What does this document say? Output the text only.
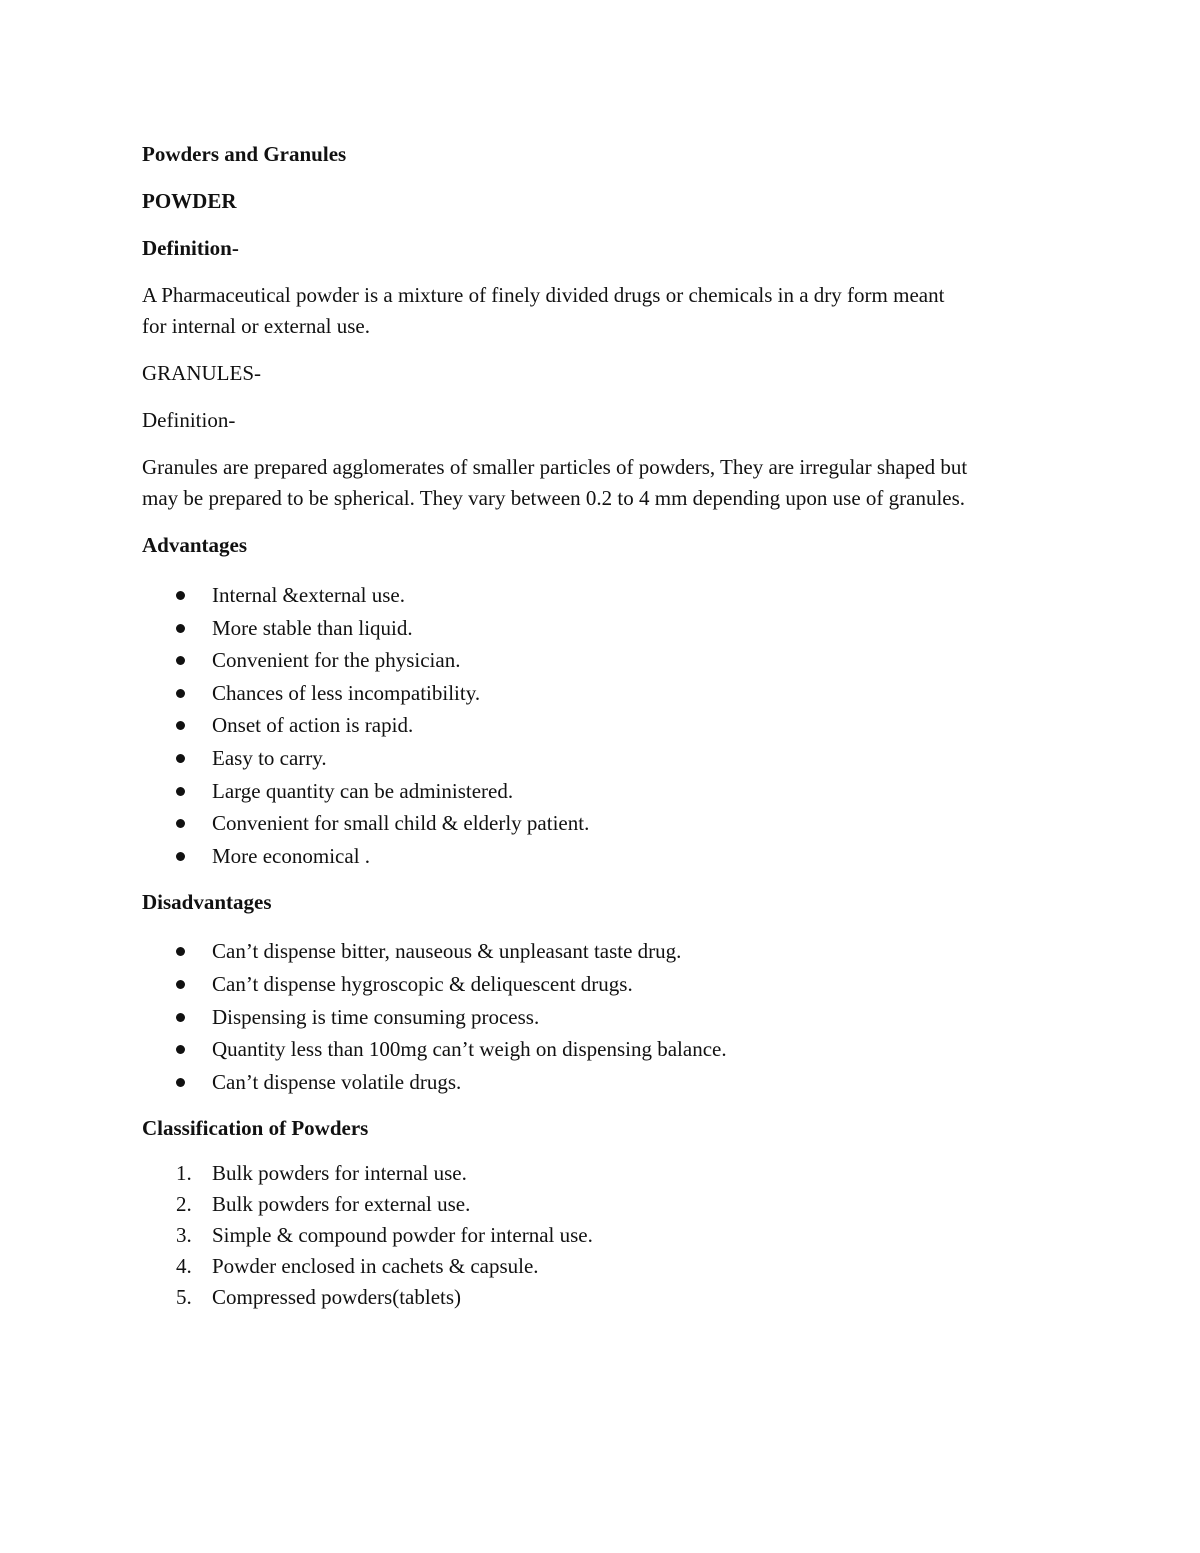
Powders and Granules

POWDER

Definition-

A Pharmaceutical powder is a mixture of finely divided drugs or chemicals in a dry form meant

for internal or external use.

GRANULES-

Definition-

Granules are prepared agglomerates of smaller particles of powders, They are irregular shaped but

may be prepared to be spherical. They vary between 0.2 to 4 mm depending upon use of granules.

Advantages

Internal &external use.
More stable than liquid.
Convenient for the physician.
Chances of less incompatibility.
Onset of action is rapid.
Easy to carry.
Large quantity can be administered.
Convenient for small child & elderly patient.
More economical .

Disadvantages

Can’t dispense bitter, nauseous & unpleasant taste drug.
Can’t dispense hygroscopic & deliquescent drugs.
Dispensing is time consuming process.
Quantity less than 100mg can’t weigh on dispensing balance.
Can’t dispense volatile drugs.

Classification of Powders

1. Bulk powders for internal use.
2. Bulk powders for external use.
3. Simple & compound powder for internal use.
4. Powder enclosed in cachets & capsule.
5. Compressed powders(tablets)
